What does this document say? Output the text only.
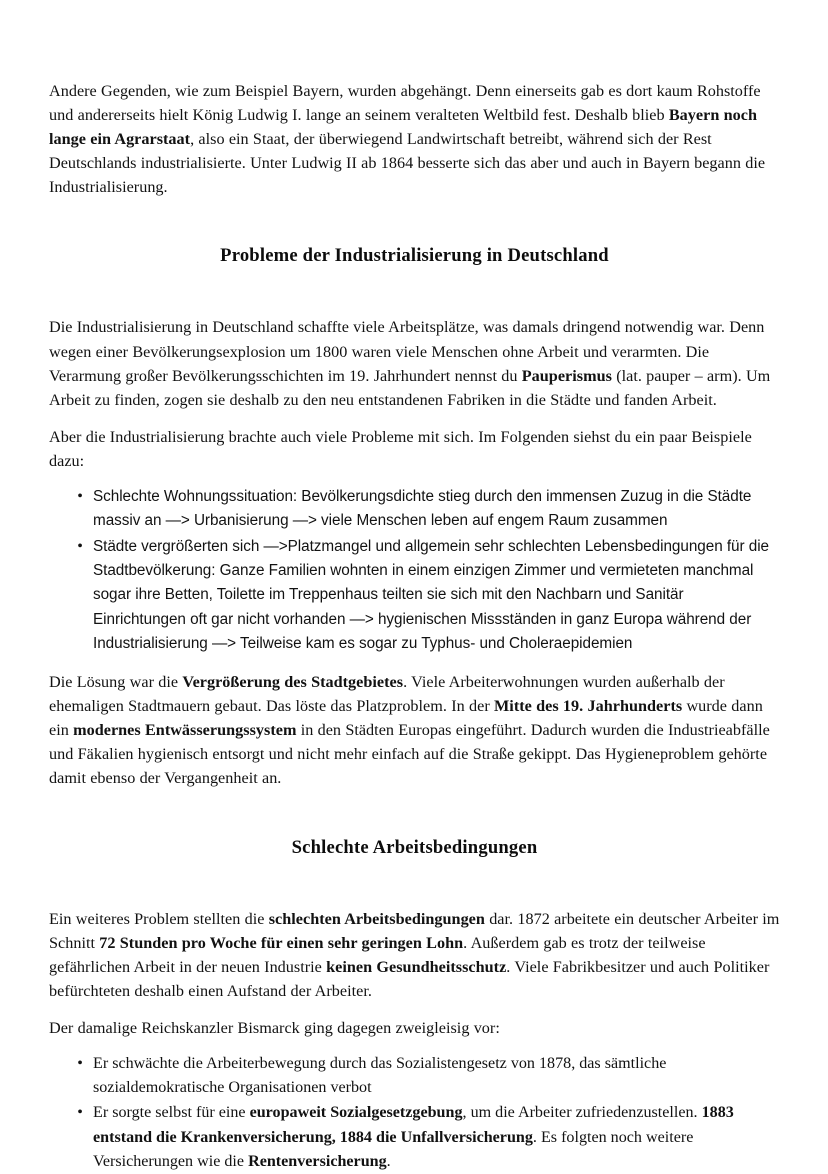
Andere Gegenden, wie zum Beispiel Bayern, wurden abgehängt. Denn einerseits gab es dort kaum Rohstoffe und andererseits hielt König Ludwig I. lange an seinem veralteten Weltbild fest. Deshalb blieb Bayern noch lange ein Agrarstaat, also ein Staat, der überwiegend Landwirtschaft betreibt, während sich der Rest Deutschlands industrialisierte. Unter Ludwig II ab 1864 besserte sich das aber und auch in Bayern begann die Industrialisierung.

Probleme der Industrialisierung in Deutschland

Die Industrialisierung in Deutschland schaffte viele Arbeitsplätze, was damals dringend notwendig war. Denn wegen einer Bevölkerungsexplosion um 1800 waren viele Menschen ohne Arbeit und verarmten. Die Verarmung großer Bevölkerungsschichten im 19. Jahrhundert nennst du Pauperismus (lat. pauper – arm). Um Arbeit zu finden, zogen sie deshalb zu den neu entstandenen Fabriken in die Städte und fanden Arbeit.

Aber die Industrialisierung brachte auch viele Probleme mit sich. Im Folgenden siehst du ein paar Beispiele dazu:

• Schlechte Wohnungssituation: Bevölkerungsdichte stieg durch den immensen Zuzug in die Städte massiv an —> Urbanisierung —> viele Menschen leben auf engem Raum zusammen
• Städte vergrößerten sich —>Platzmangel und allgemein sehr schlechten Lebensbedingungen für die Stadtbevölkerung: Ganze Familien wohnten in einem einzigen Zimmer und vermieteten manchmal sogar ihre Betten, Toilette im Treppenhaus teilten sie sich mit den Nachbarn und Sanitär Einrichtungen oft gar nicht vorhanden —> hygienischen Missständen in ganz Europa während der Industrialisierung —> Teilweise kam es sogar zu Typhus- und Choleraepidemien

Die Lösung war die Vergrößerung des Stadtgebietes. Viele Arbeiterwohnungen wurden außerhalb der ehemaligen Stadtmauern gebaut. Das löste das Platzproblem. In der Mitte des 19. Jahrhunderts wurde dann ein modernes Entwässerungssystem in den Städten Europas eingeführt. Dadurch wurden die Industrieabfälle und Fäkalien hygienisch entsorgt und nicht mehr einfach auf die Straße gekippt. Das Hygieneproblem gehörte damit ebenso der Vergangenheit an.

Schlechte Arbeitsbedingungen

Ein weiteres Problem stellten die schlechten Arbeitsbedingungen dar. 1872 arbeitete ein deutscher Arbeiter im Schnitt 72 Stunden pro Woche für einen sehr geringen Lohn. Außerdem gab es trotz der teilweise gefährlichen Arbeit in der neuen Industrie keinen Gesundheitsschutz. Viele Fabrikbesitzer und auch Politiker befürchteten deshalb einen Aufstand der Arbeiter.

Der damalige Reichskanzler Bismarck ging dagegen zweigleisig vor:

• Er schwächte die Arbeiterbewegung durch das Sozialistengesetz von 1878, das sämtliche sozialdemokratische Organisationen verbot
• Er sorgte selbst für eine europaweit Sozialgesetzgebung, um die Arbeiter zufriedenzustellen. 1883 entstand die Krankenversicherung, 1884 die Unfallversicherung. Es folgten noch weitere Versicherungen wie die Rentenversicherung.
